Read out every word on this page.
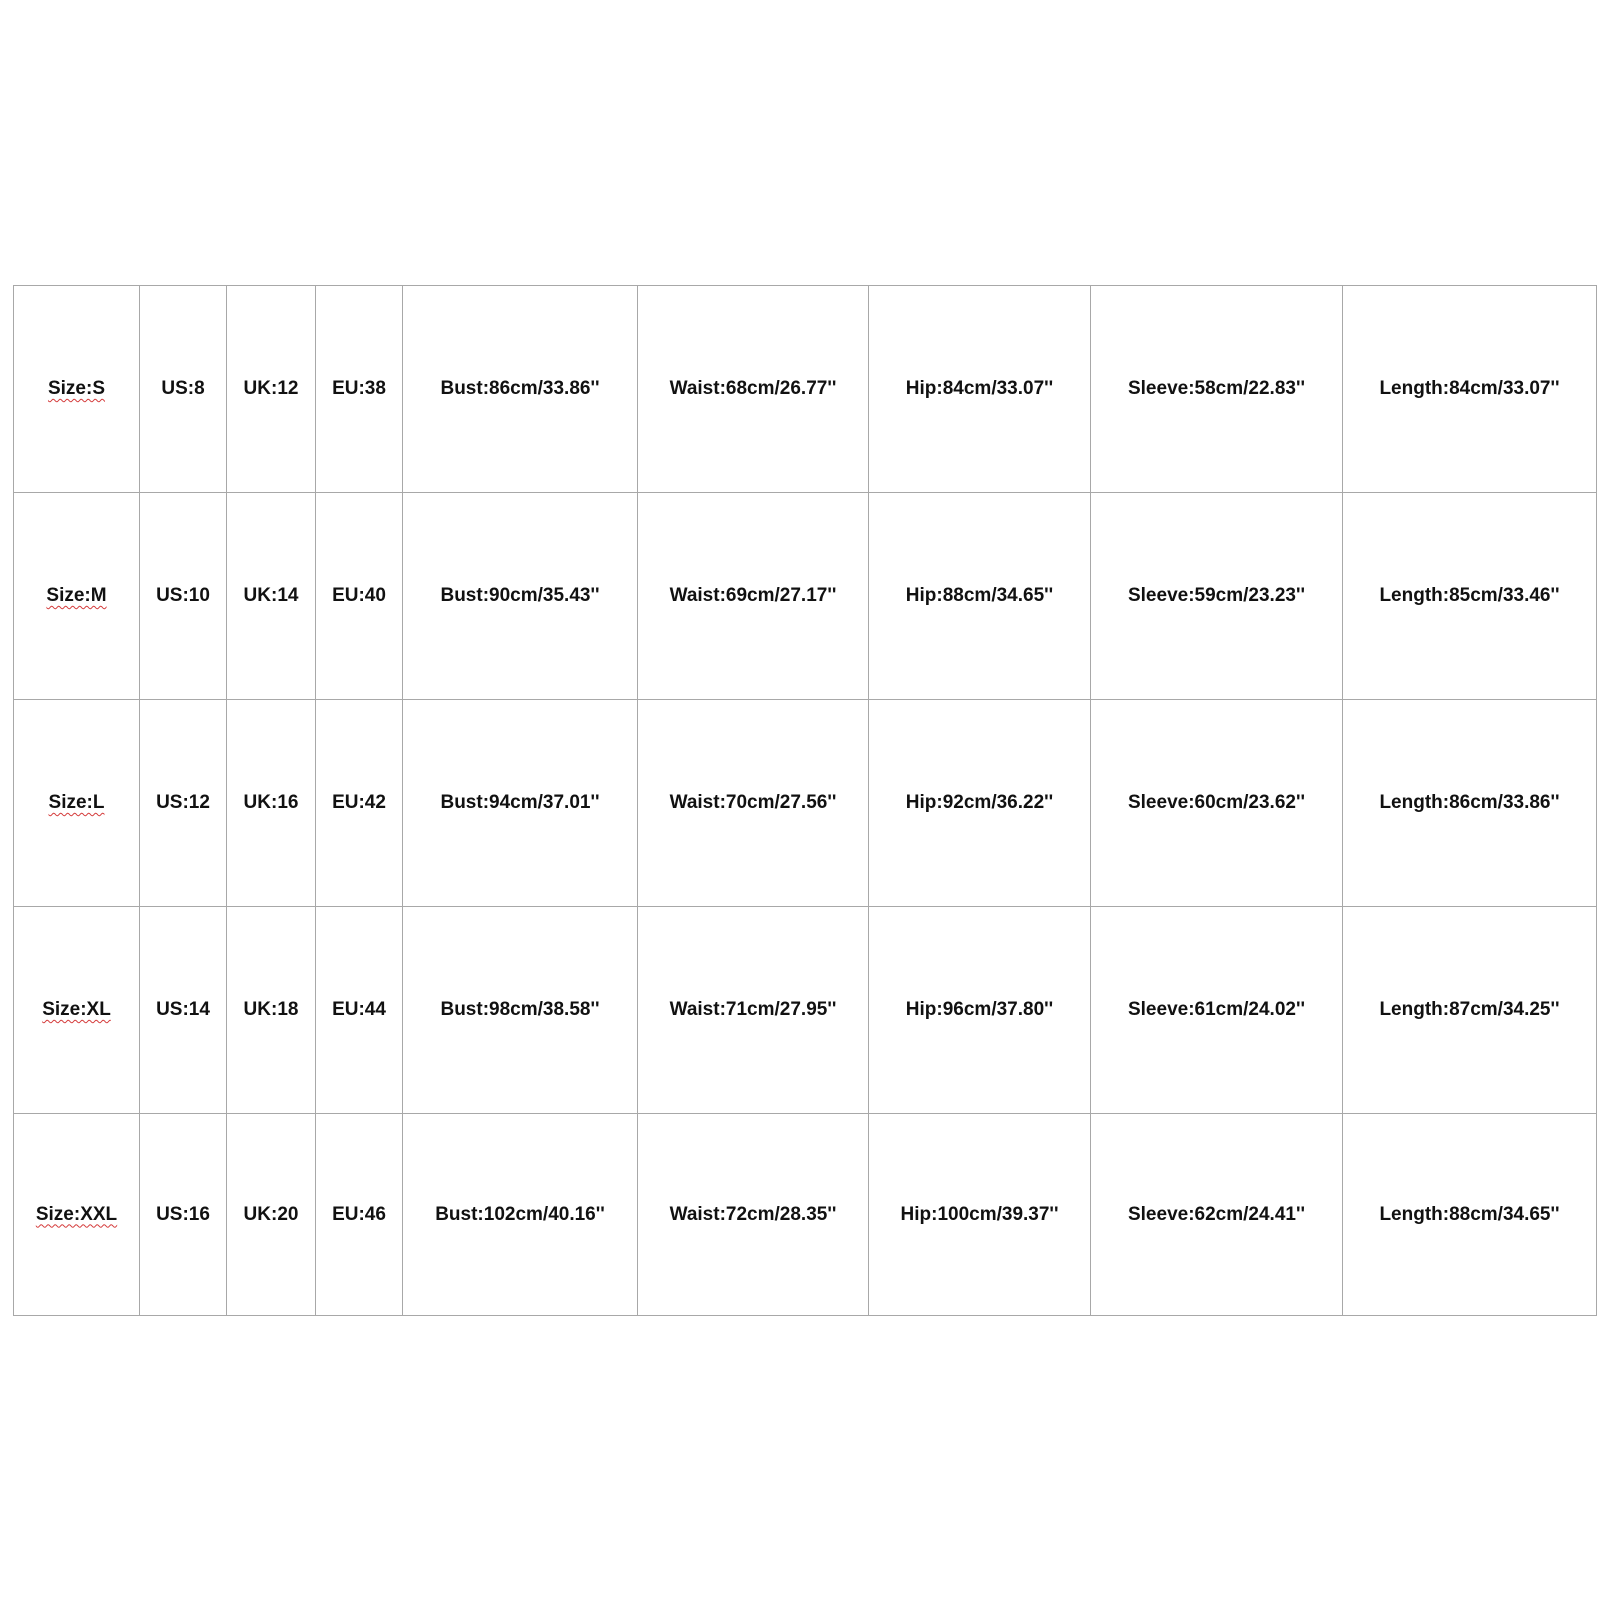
Size:S	US:8	UK:12	EU:38	Bust:86cm/33.86''	Waist:68cm/26.77''	Hip:84cm/33.07''	Sleeve:58cm/22.83''	Length:84cm/33.07''
Size:M	US:10	UK:14	EU:40	Bust:90cm/35.43''	Waist:69cm/27.17''	Hip:88cm/34.65''	Sleeve:59cm/23.23''	Length:85cm/33.46''
Size:L	US:12	UK:16	EU:42	Bust:94cm/37.01''	Waist:70cm/27.56''	Hip:92cm/36.22''	Sleeve:60cm/23.62''	Length:86cm/33.86''
Size:XL	US:14	UK:18	EU:44	Bust:98cm/38.58''	Waist:71cm/27.95''	Hip:96cm/37.80''	Sleeve:61cm/24.02''	Length:87cm/34.25''
Size:XXL	US:16	UK:20	EU:46	Bust:102cm/40.16''	Waist:72cm/28.35''	Hip:100cm/39.37''	Sleeve:62cm/24.41''	Length:88cm/34.65''
